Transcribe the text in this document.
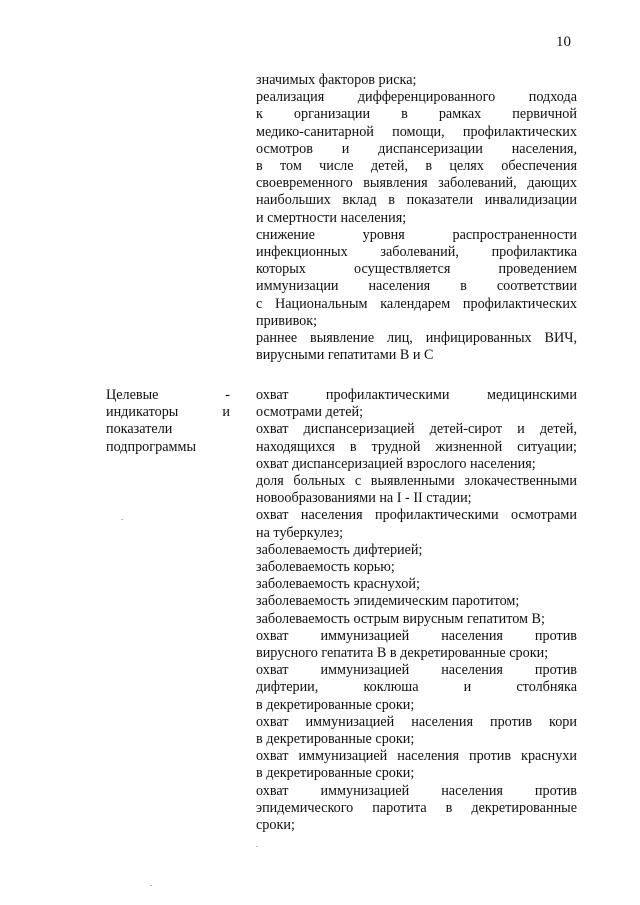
10

значимых факторов риска;

реализация дифференцированного подхода

к организации в рамках первичной

медико-санитарной помощи, профилактических

осмотров и диспансеризации населения,

в том числе детей, в целях обеспечения

своевременного выявления заболеваний, дающих

наибольших вклад в показатели инвалидизации

и смертности населения;

снижение уровня распространенности

инфекционных заболеваний, профилактика

которых осуществляется проведением

иммунизации населения в соответствии

с Национальным календарем профилактических

прививок;

раннее выявление лиц, инфицированных ВИЧ,

вирусными гепатитами В и С

Целевые	-
индикаторы	и
показатели
подпрограммы

охват профилактическими медицинскими

осмотрами детей;

охват диспансеризацией детей-сирот и детей,

находящихся в трудной жизненной ситуации;

охват диспансеризацией взрослого населения;

доля больных с выявленными злокачественными

новообразованиями на I - II стадии;

охват населения профилактическими осмотрами

на туберкулез;

заболеваемость дифтерией;

заболеваемость корью;

заболеваемость краснухой;

заболеваемость эпидемическим паротитом;

заболеваемость острым вирусным гепатитом В;

охват иммунизацией населения против

вирусного гепатита В в декретированные сроки;

охват иммунизацией населения против

дифтерии, коклюша и столбняка

в декретированные сроки;

охват иммунизацией населения против кори

в декретированные сроки;

охват иммунизацией населения против краснухи

в декретированные сроки;

охват иммунизацией населения против

эпидемического паротита в декретированные

сроки;
